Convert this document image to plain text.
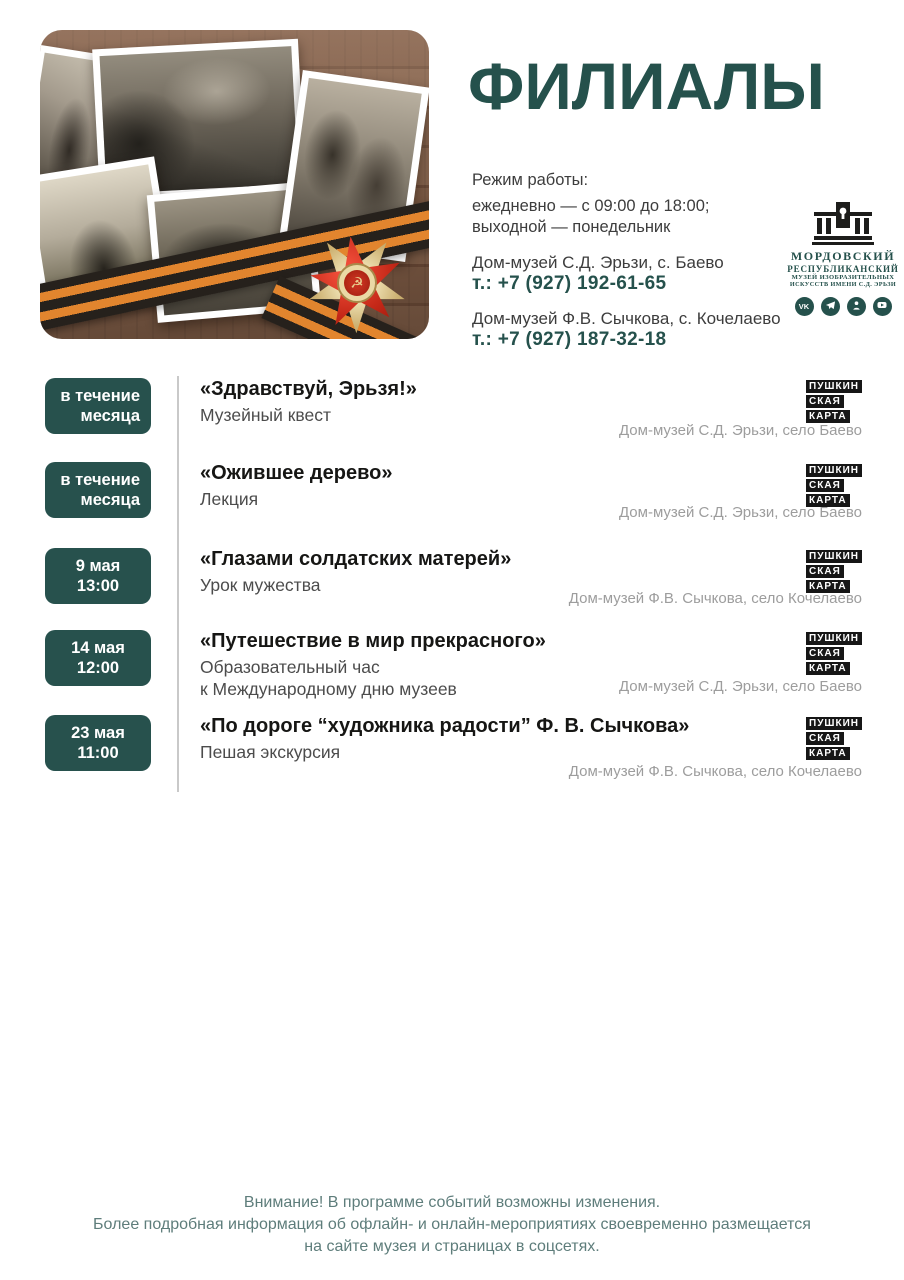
☭
ФИЛИАЛЫ
Режим работы:
ежедневно — с 09:00 до 18:00;
выходной — понедельник
Дом-музей С.Д. Эрьзи, с. Баево
т.: +7 (927) 192-61-65
Дом-музей Ф.В. Сычкова, с. Кочелаево
т.: +7 (927) 187-32-18
МОРДОВСКИЙ
РЕСПУБЛИКАНСКИЙ
МУЗЕЙ ИЗОБРАЗИТЕЛЬНЫХ
ИСКУССТВ ИМЕНИ С.Д. ЭРЬЗИ
VK
в течение
месяца
«Здравствуй, Эрьзя!»
Музейный квест
ПУШКИН
СКАЯ
КАРТА
Дом-музей С.Д. Эрьзи, село Баево
в течение
месяца
«Ожившее дерево»
Лекция
ПУШКИН
СКАЯ
КАРТА
Дом-музей С.Д. Эрьзи, село Баево
9 мая
13:00
«Глазами солдатских матерей»
Урок мужества
ПУШКИН
СКАЯ
КАРТА
Дом-музей Ф.В. Сычкова, село Кочелаево
14 мая
12:00
«Путешествие в мир прекрасного»
Образовательный час
к Международному дню музеев
ПУШКИН
СКАЯ
КАРТА
Дом-музей С.Д. Эрьзи, село Баево
23 мая
11:00
«По дороге “художника радости” Ф. В. Сычкова»
Пешая экскурсия
ПУШКИН
СКАЯ
КАРТА
Дом-музей Ф.В. Сычкова, село Кочелаево
Внимание! В программе событий возможны изменения.
Более подробная информация об офлайн- и онлайн-мероприятиях своевременно размещается
на сайте музея и страницах в соцсетях.
